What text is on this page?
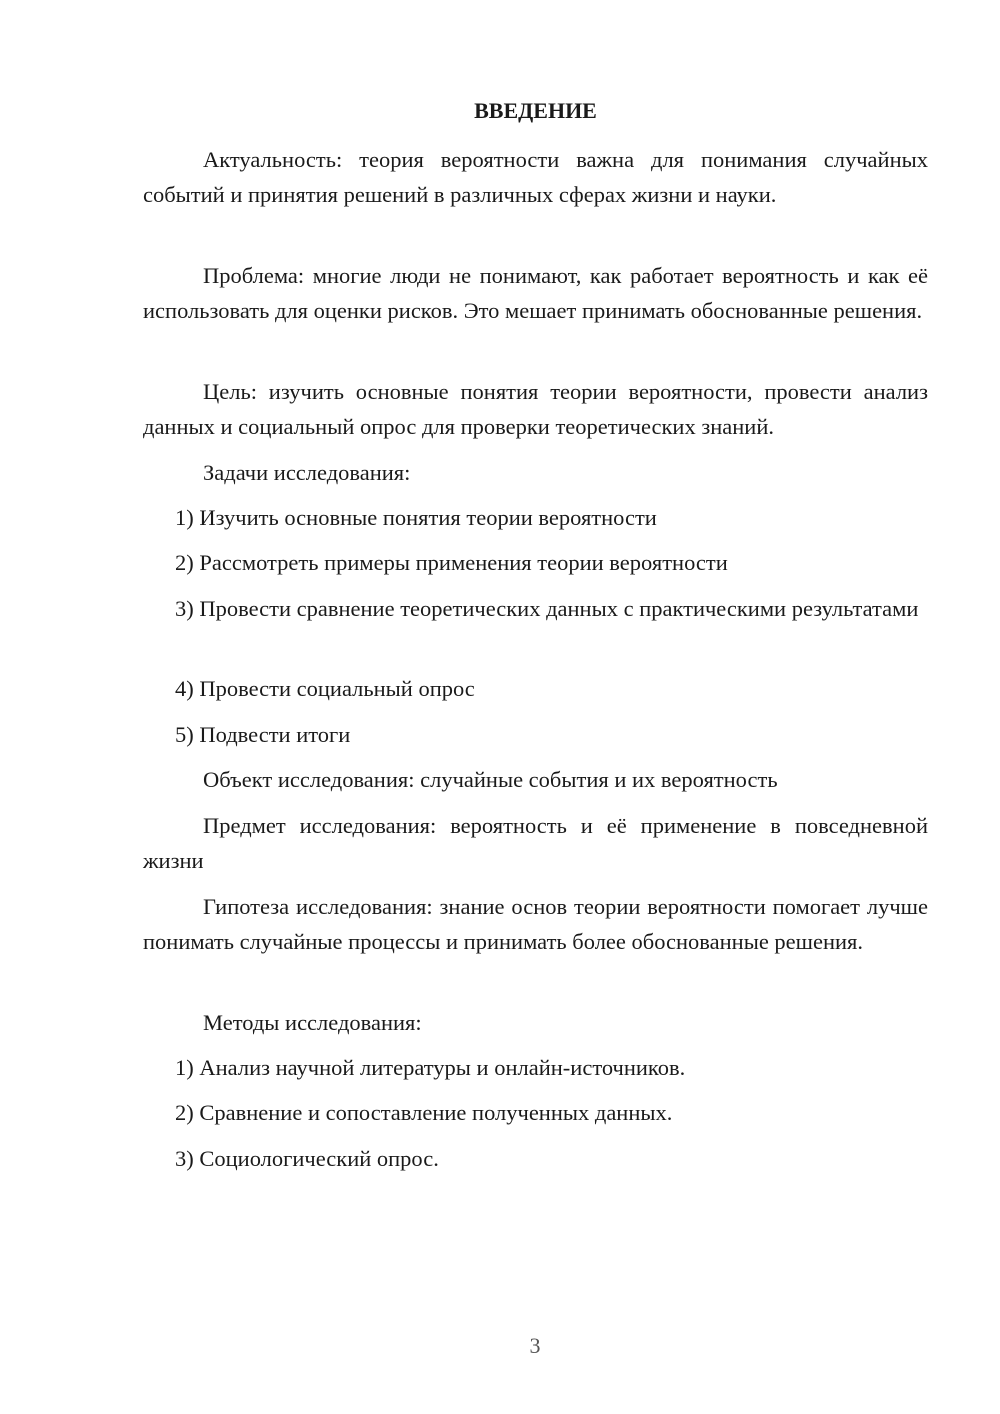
ВВЕДЕНИЕ

Актуальность: теория вероятности важна для понимания случайных событий и принятия решений в различных сферах жизни и науки.

Проблема: многие люди не понимают, как работает вероятность и как её использовать для оценки рисков. Это мешает принимать обоснованные решения.

Цель: изучить основные понятия теории вероятности, провести анализ данных и социальный опрос для проверки теоретических знаний.

Задачи исследования:

1) Изучить основные понятия теории вероятности

2) Рассмотреть примеры применения теории вероятности

3) Провести сравнение теоретических данных с практическими результатами

4) Провести социальный опрос

5) Подвести итоги

Объект исследования: случайные события и их вероятность

Предмет исследования: вероятность и её применение в повседневной жизни

Гипотеза исследования: знание основ теории вероятности помогает лучше понимать случайные процессы и принимать более обоснованные решения.

Методы исследования:

1) Анализ научной литературы и онлайн-источников.

2) Сравнение и сопоставление полученных данных.

3) Социологический опрос.

3
